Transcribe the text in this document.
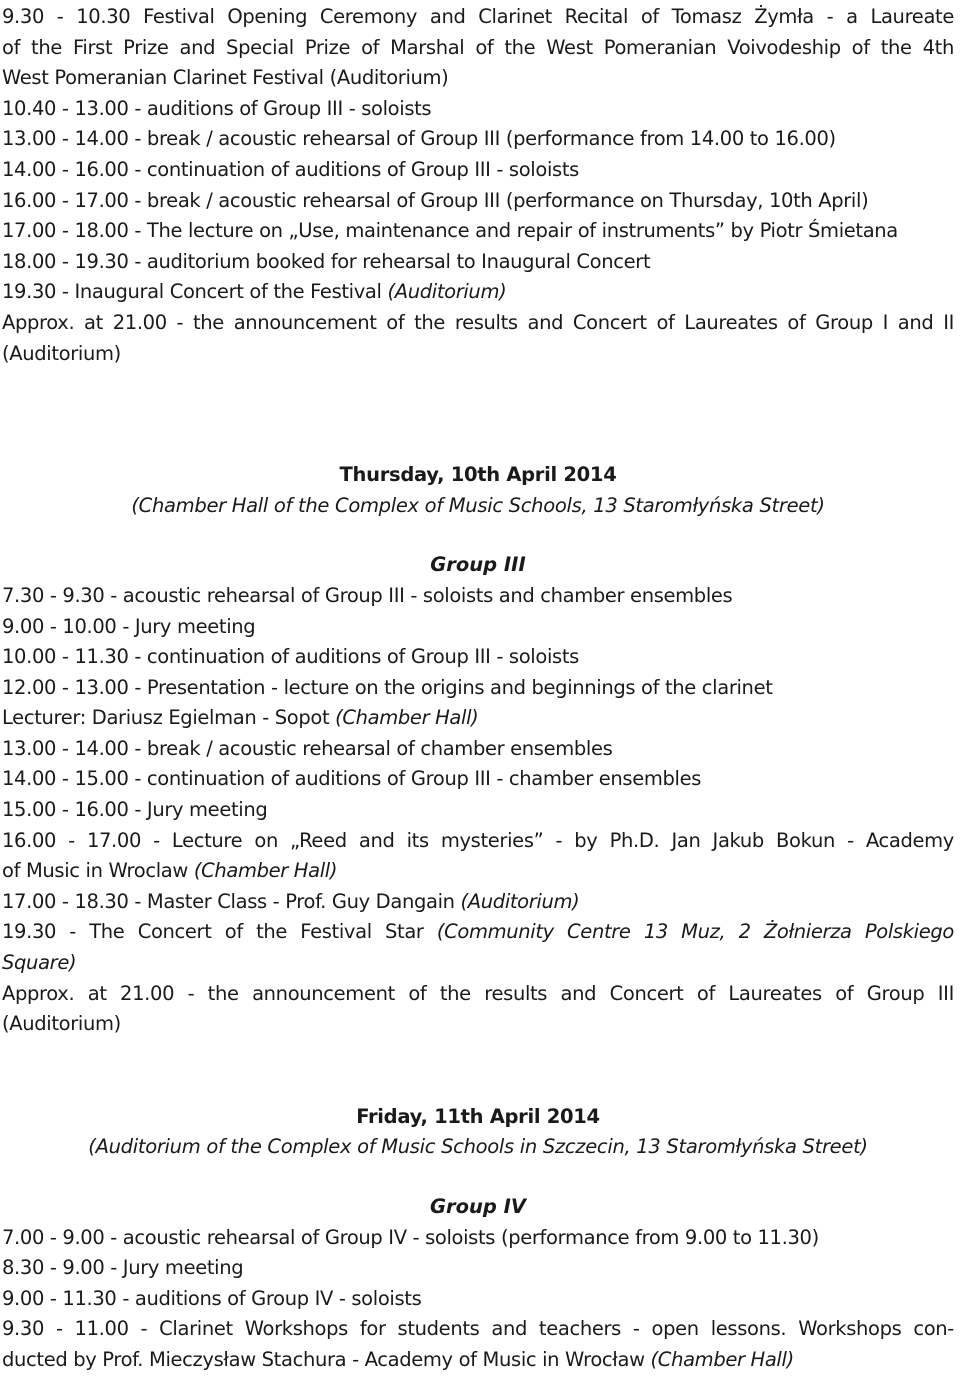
9.30 - 10.30 Festival Opening Ceremony and Clarinet Recital of Tomasz Żymła - a Laureate
of the First Prize and Special Prize of Marshal of the West Pomeranian Voivodeship of the 4th
West Pomeranian Clarinet Festival (Auditorium)
10.40 - 13.00 - auditions of Group III - soloists
13.00 - 14.00 - break / acoustic rehearsal of Group III (performance from 14.00 to 16.00)
14.00 - 16.00 - continuation of auditions of Group III - soloists
16.00 - 17.00 - break / acoustic rehearsal of Group III (performance on Thursday, 10th April)
17.00 - 18.00 - The lecture on „Use, maintenance and repair of instruments” by Piotr Śmietana
18.00 - 19.30 - auditorium booked for rehearsal to Inaugural Concert
19.30 - Inaugural Concert of the Festival (Auditorium)
Approx. at 21.00 - the announcement of the results and Concert of Laureates of Group I and II
(Auditorium)
Thursday, 10th April 2014
(Chamber Hall of the Complex of Music Schools, 13 Staromłyńska Street)
Group III
7.30 - 9.30 - acoustic rehearsal of Group III - soloists and chamber ensembles
9.00 - 10.00 - Jury meeting
10.00 - 11.30 - continuation of auditions of Group III - soloists
12.00 - 13.00 - Presentation - lecture on the origins and beginnings of the clarinet
Lecturer: Dariusz Egielman - Sopot (Chamber Hall)
13.00 - 14.00 - break / acoustic rehearsal of chamber ensembles
14.00 - 15.00 - continuation of auditions of Group III - chamber ensembles
15.00 - 16.00 - Jury meeting
16.00 - 17.00 - Lecture on „Reed and its mysteries” - by Ph.D. Jan Jakub Bokun - Academy
of Music in Wroclaw (Chamber Hall)
17.00 - 18.30 - Master Class - Prof. Guy Dangain (Auditorium)
19.30 - The Concert of the Festival Star (Community Centre 13 Muz, 2 Żołnierza Polskiego
Square)
Approx. at 21.00 - the announcement of the results and Concert of Laureates of Group III
(Auditorium)
Friday, 11th April 2014
(Auditorium of the Complex of Music Schools in Szczecin, 13 Staromłyńska Street)
Group IV
7.00 - 9.00 - acoustic rehearsal of Group IV - soloists (performance from 9.00 to 11.30)
8.30 - 9.00 - Jury meeting
9.00 - 11.30 - auditions of Group IV - soloists
9.30 - 11.00 - Clarinet Workshops for students and teachers - open lessons. Workshops con-
ducted by Prof. Mieczysław Stachura - Academy of Music in Wrocław (Chamber Hall)
